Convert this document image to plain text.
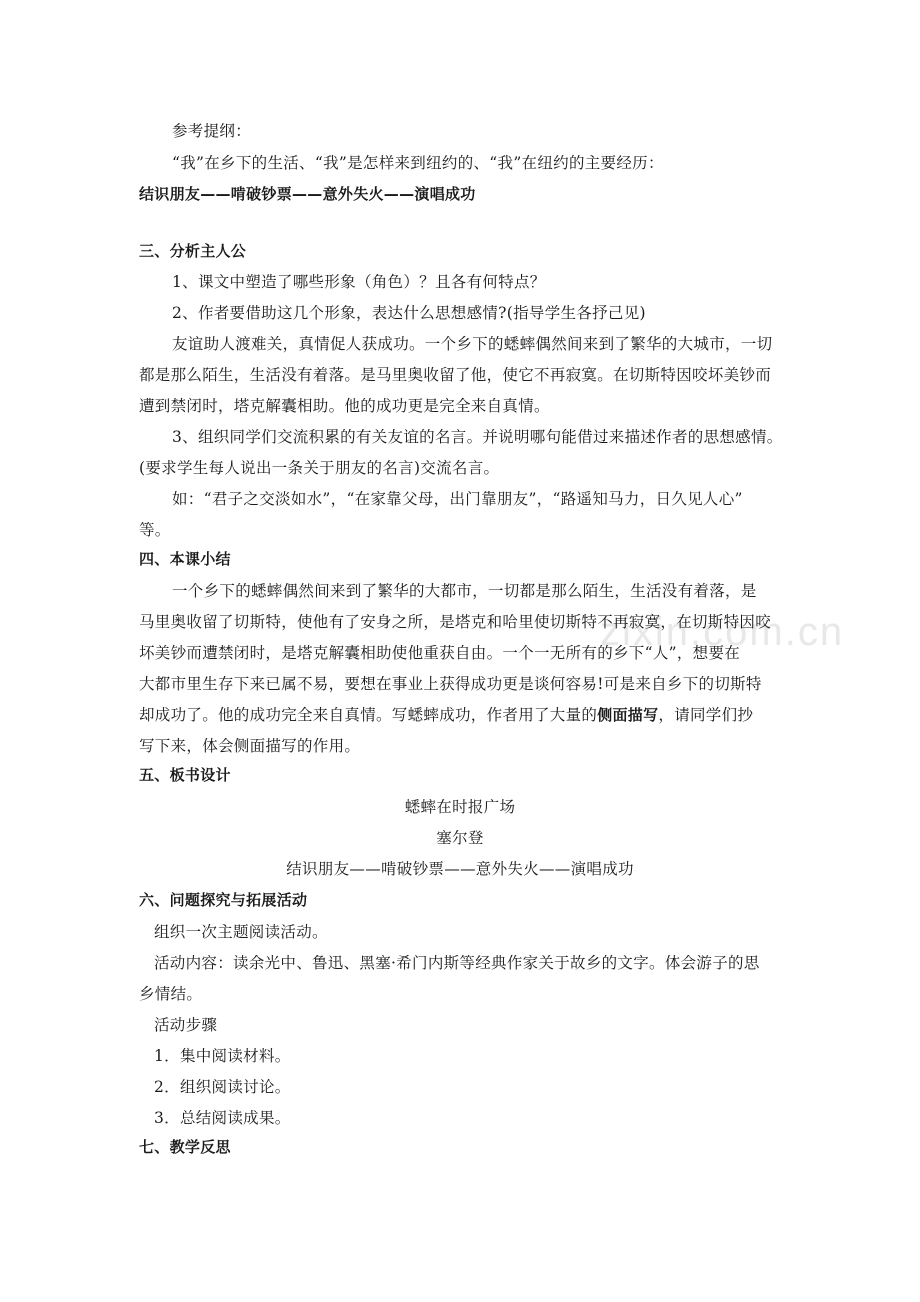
zixin.com.cn
参考提纲：
“我”在乡下的生活、“我”是怎样来到纽约的、“我”在纽约的主要经历：
结识朋友——啃破钞票——意外失火——演唱成功
三、分析主人公
1、课文中塑造了哪些形象（角色）？且各有何特点？
2、作者要借助这几个形象，表达什么思想感情?(指导学生各抒己见)
友谊助人渡难关，真情促人获成功。一个乡下的蟋蟀偶然间来到了繁华的大城市，一切
都是那么陌生，生活没有着落。是马里奥收留了他，使它不再寂寞。在切斯特因咬坏美钞而
遭到禁闭时，塔克解囊相助。他的成功更是完全来自真情。
3、组织同学们交流积累的有关友谊的名言。并说明哪句能借过来描述作者的思想感情。
(要求学生每人说出一条关于朋友的名言)交流名言。
如：“君子之交淡如水”，“在家靠父母，出门靠朋友”，“路遥知马力，日久见人心”
等。
四、本课小结
一个乡下的蟋蟀偶然间来到了繁华的大都市，一切都是那么陌生，生活没有着落，是
马里奥收留了切斯特，使他有了安身之所，是塔克和哈里使切斯特不再寂寞，在切斯特因咬
坏美钞而遭禁闭时，是塔克解囊相助使他重获自由。一个一无所有的乡下“人”，想要在
大都市里生存下来已属不易，要想在事业上获得成功更是谈何容易!可是来自乡下的切斯特
却成功了。他的成功完全来自真情。写蟋蟀成功，作者用了大量的侧面描写，请同学们抄
写下来，体会侧面描写的作用。
五、板书设计
蟋蟀在时报广场
塞尔登
结识朋友——啃破钞票——意外失火——演唱成功
六、问题探究与拓展活动
组织一次主题阅读活动。
活动内容：读余光中、鲁迅、黑塞·希门内斯等经典作家关于故乡的文字。体会游子的思
乡情结。
活动步骤
1．集中阅读材料。
2．组织阅读讨论。
3．总结阅读成果。
七、教学反思
